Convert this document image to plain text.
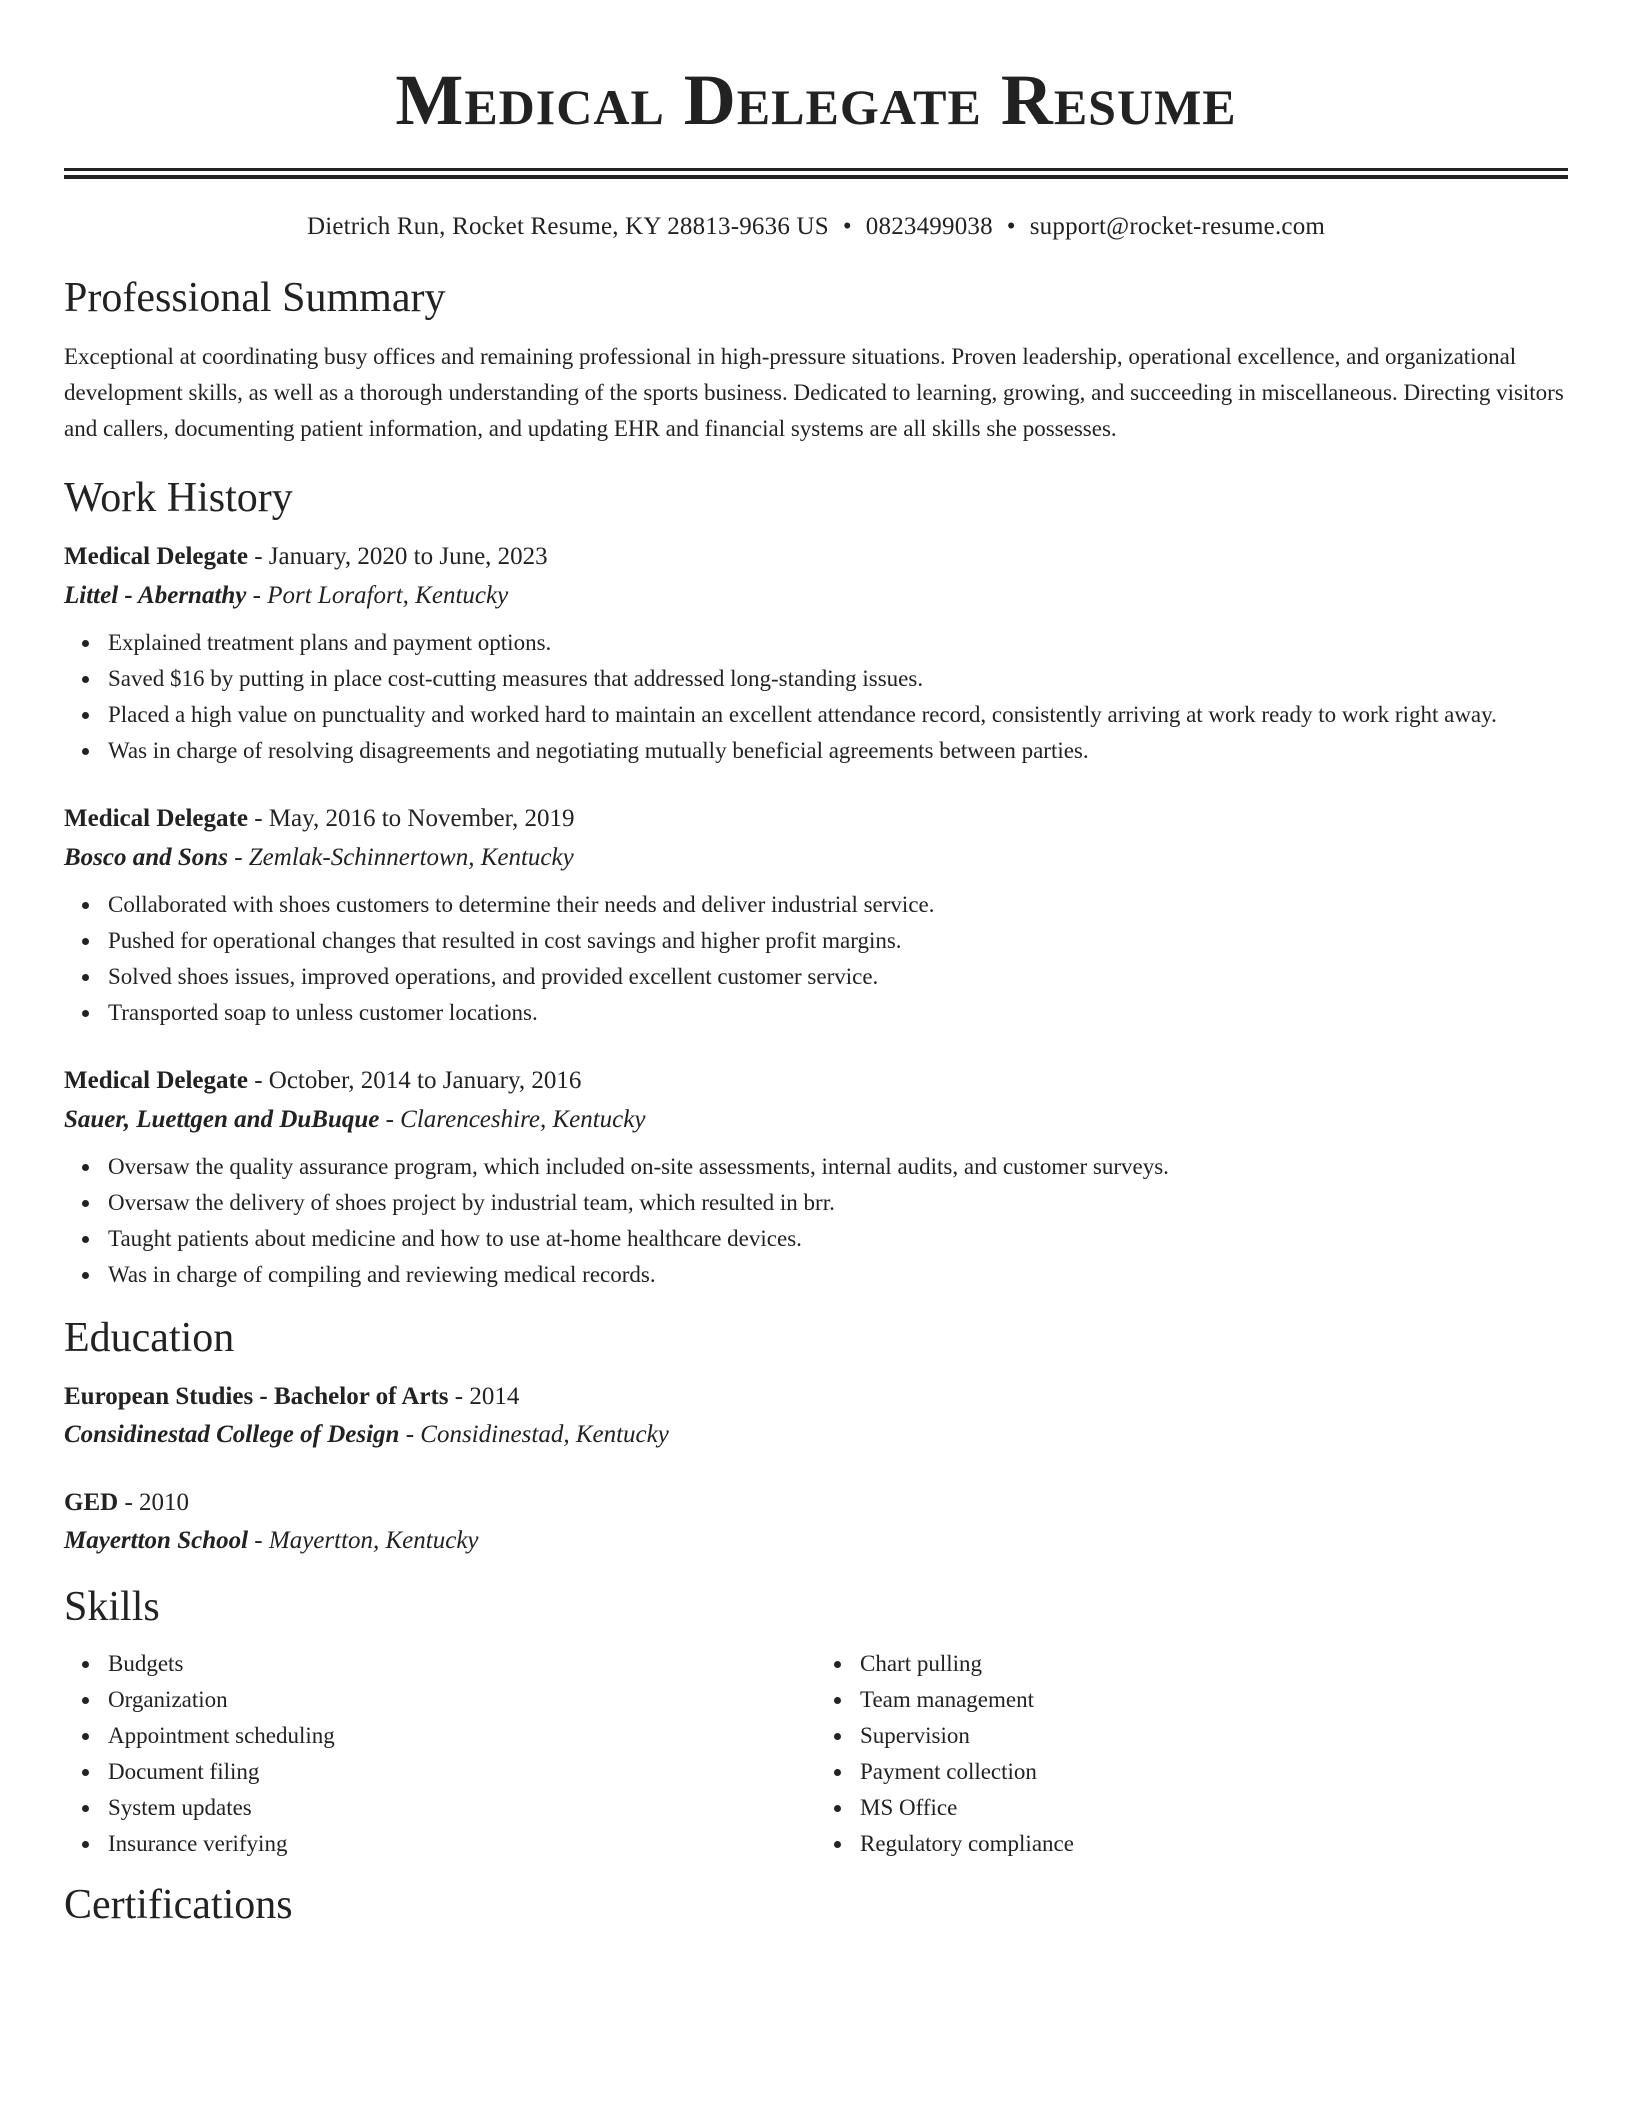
Medical Delegate Resume
Dietrich Run, Rocket Resume, KY 28813-9636 US • 0823499038 • support@rocket-resume.com
Professional Summary

Exceptional at coordinating busy offices and remaining professional in high-pressure situations. Proven leadership, operational excellence, and organizational development skills, as well as a thorough understanding of the sports business. Dedicated to learning, growing, and succeeding in miscellaneous. Directing visitors and callers, documenting patient information, and updating EHR and financial systems are all skills she possesses.

Work History

Medical Delegate - January, 2020 to June, 2023

Littel - Abernathy - Port Lorafort, Kentucky

Explained treatment plans and payment options.
Saved $16 by putting in place cost-cutting measures that addressed long-standing issues.
Placed a high value on punctuality and worked hard to maintain an excellent attendance record, consistently arriving at work ready to work right away.
Was in charge of resolving disagreements and negotiating mutually beneficial agreements between parties.

Medical Delegate - May, 2016 to November, 2019

Bosco and Sons - Zemlak-Schinnertown, Kentucky

Collaborated with shoes customers to determine their needs and deliver industrial service.
Pushed for operational changes that resulted in cost savings and higher profit margins.
Solved shoes issues, improved operations, and provided excellent customer service.
Transported soap to unless customer locations.

Medical Delegate - October, 2014 to January, 2016

Sauer, Luettgen and DuBuque - Clarenceshire, Kentucky

Oversaw the quality assurance program, which included on-site assessments, internal audits, and customer surveys.
Oversaw the delivery of shoes project by industrial team, which resulted in brr.
Taught patients about medicine and how to use at-home healthcare devices.
Was in charge of compiling and reviewing medical records.
Education

European Studies - Bachelor of Arts - 2014

Considinestad College of Design - Considinestad, Kentucky

GED - 2010

Mayertton School - Mayertton, Kentucky

Skills
Budgets
Organization
Appointment scheduling
Document filing
System updates
Insurance verifying
Chart pulling
Team management
Supervision
Payment collection
MS Office
Regulatory compliance
Certifications
